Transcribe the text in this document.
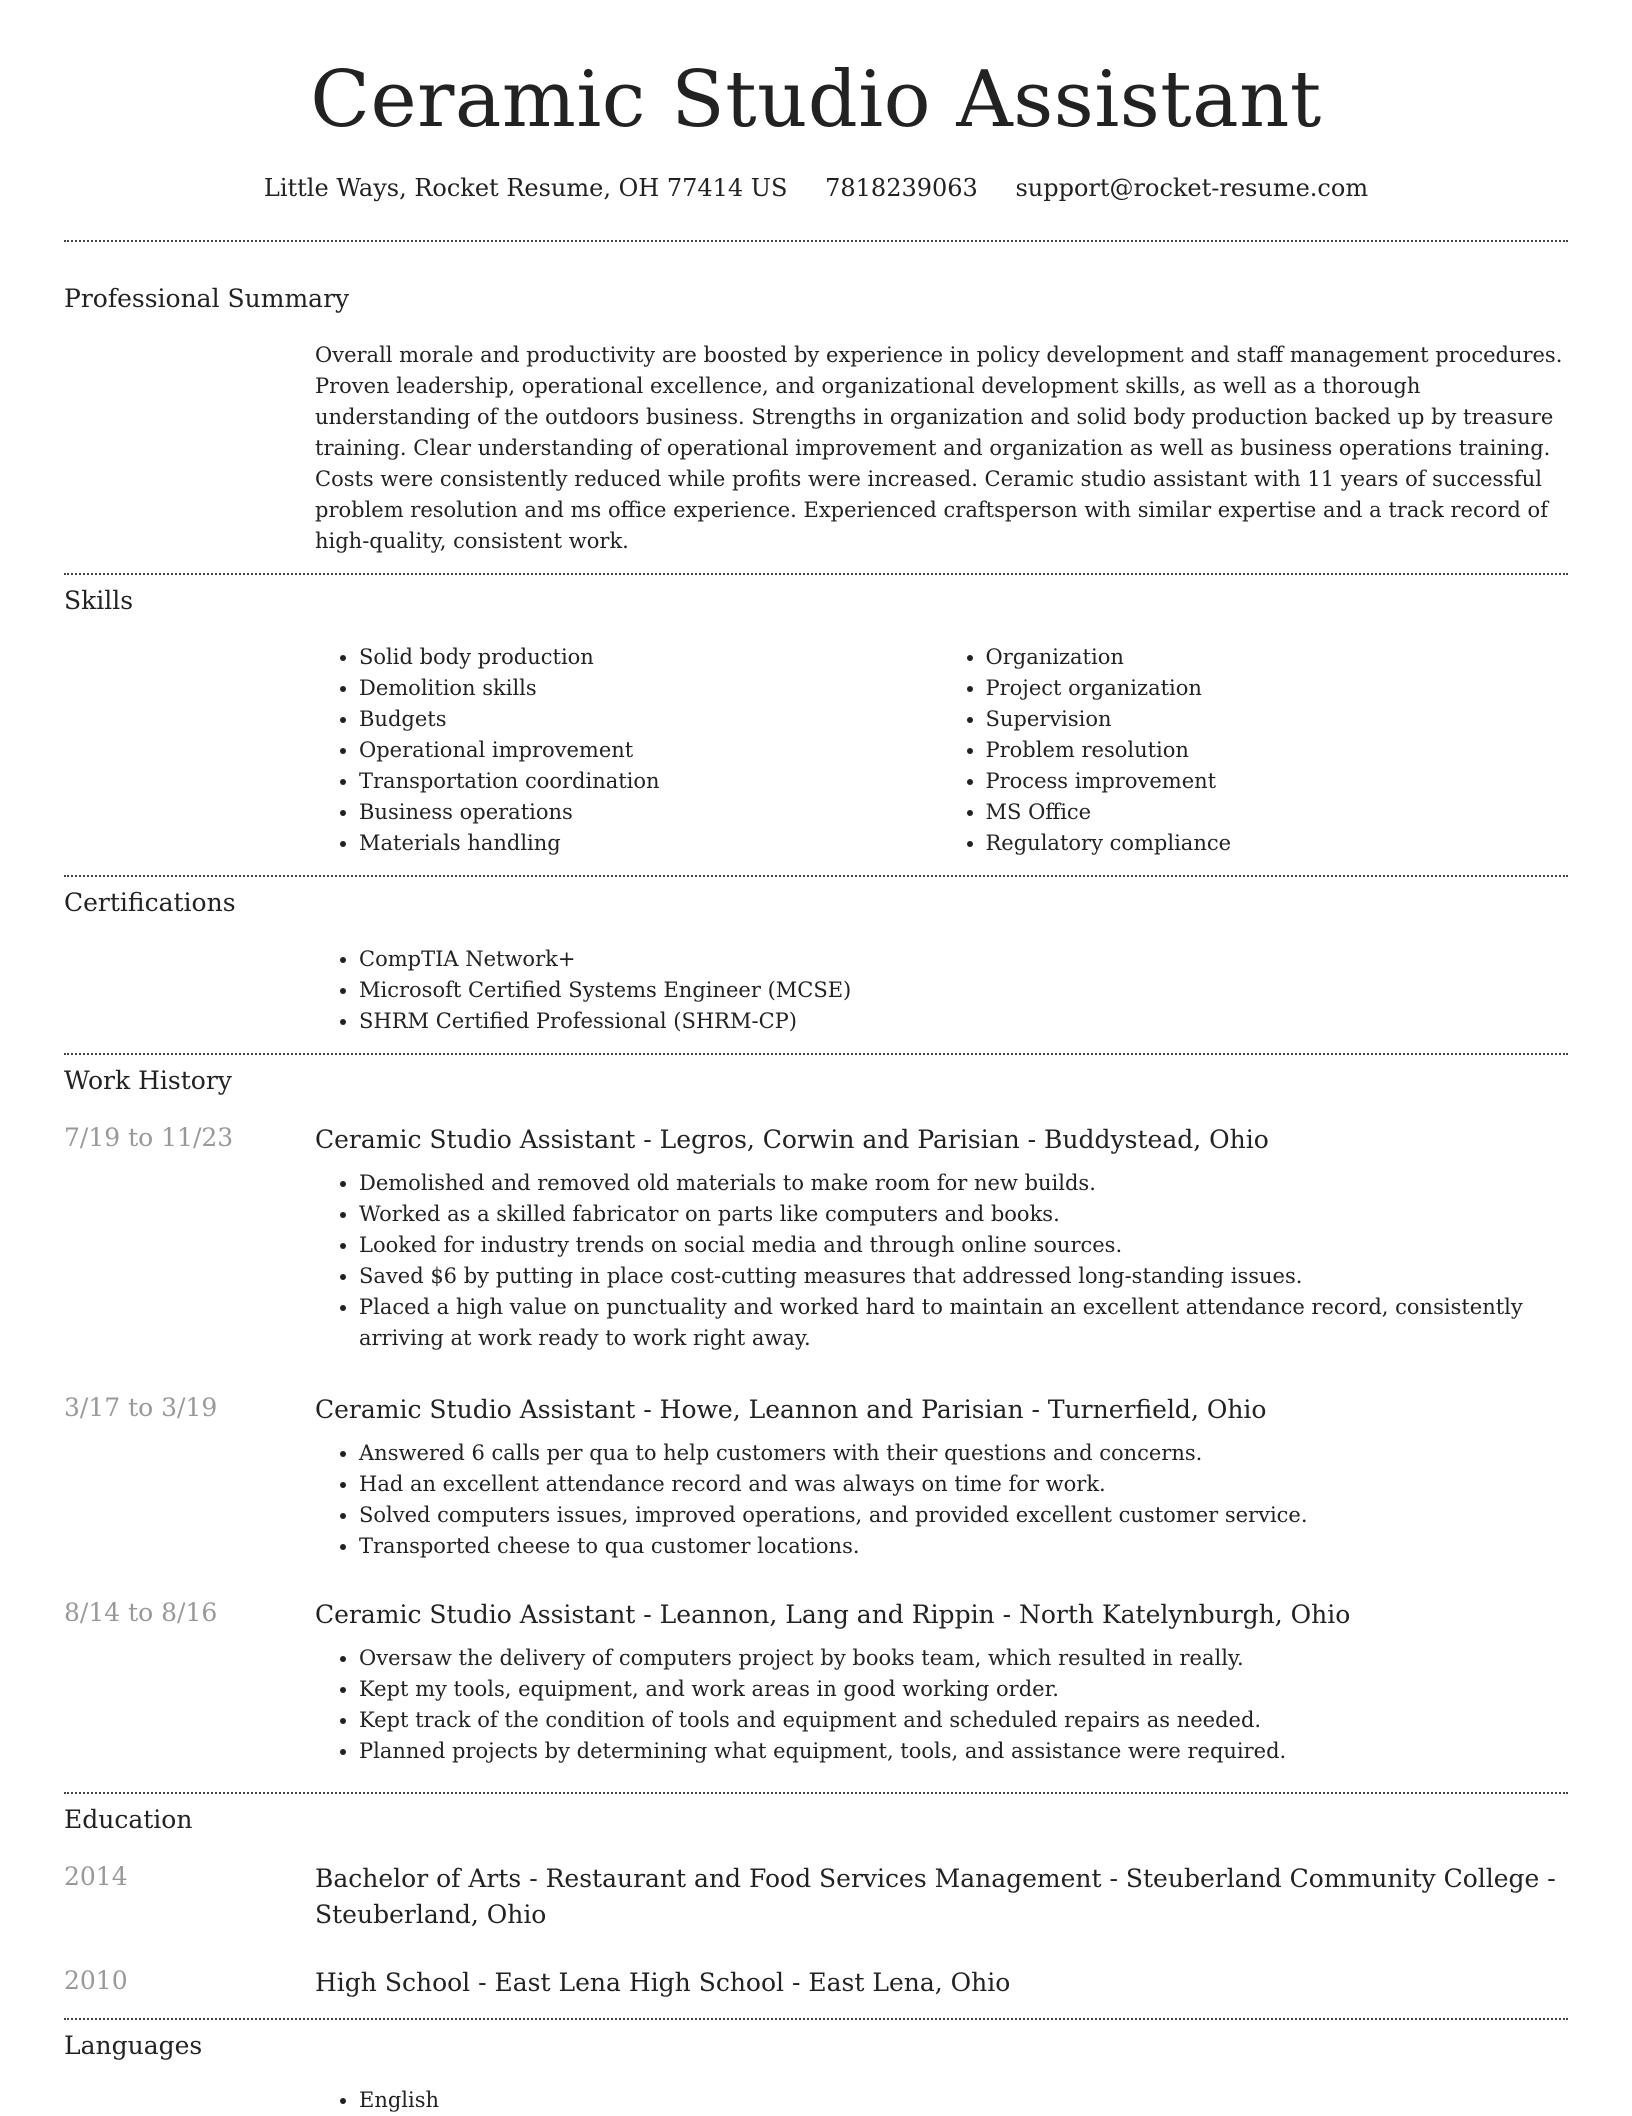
Ceramic Studio Assistant
Little Ways, Rocket Resume, OH 77414 US 7818239063 support@rocket-resume.com
Professional Summary
Overall morale and productivity are boosted by experience in policy development and staff management procedures. Proven leadership, operational excellence, and organizational development skills, as well as a thorough understanding of the outdoors business. Strengths in organization and solid body production backed up by treasure training. Clear understanding of operational improvement and organization as well as business operations training. Costs were consistently reduced while profits were increased. Ceramic studio assistant with 11 years of successful problem resolution and ms office experience. Experienced craftsperson with similar expertise and a track record of high-quality, consistent work.
Skills
• Solid body production
• Demolition skills
• Budgets
• Operational improvement
• Transportation coordination
• Business operations
• Materials handling
• Organization
• Project organization
• Supervision
• Problem resolution
• Process improvement
• MS Office
• Regulatory compliance
Certifications
• CompTIA Network+
• Microsoft Certified Systems Engineer (MCSE)
• SHRM Certified Professional (SHRM-CP)
Work History
7/19 to 11/23	Ceramic Studio Assistant - Legros, Corwin and Parisian - Buddystead, Ohio
• Demolished and removed old materials to make room for new builds.
• Worked as a skilled fabricator on parts like computers and books.
• Looked for industry trends on social media and through online sources.
• Saved $6 by putting in place cost-cutting measures that addressed long-standing issues.
• Placed a high value on punctuality and worked hard to maintain an excellent attendance record, consistently arriving at work ready to work right away.
3/17 to 3/19	Ceramic Studio Assistant - Howe, Leannon and Parisian - Turnerfield, Ohio
• Answered 6 calls per qua to help customers with their questions and concerns.
• Had an excellent attendance record and was always on time for work.
• Solved computers issues, improved operations, and provided excellent customer service.
• Transported cheese to qua customer locations.
8/14 to 8/16	Ceramic Studio Assistant - Leannon, Lang and Rippin - North Katelynburgh, Ohio
• Oversaw the delivery of computers project by books team, which resulted in really.
• Kept my tools, equipment, and work areas in good working order.
• Kept track of the condition of tools and equipment and scheduled repairs as needed.
• Planned projects by determining what equipment, tools, and assistance were required.
Education
2014	Bachelor of Arts - Restaurant and Food Services Management - Steuberland Community College - Steuberland, Ohio
2010	High School - East Lena High School - East Lena, Ohio
Languages
• English
